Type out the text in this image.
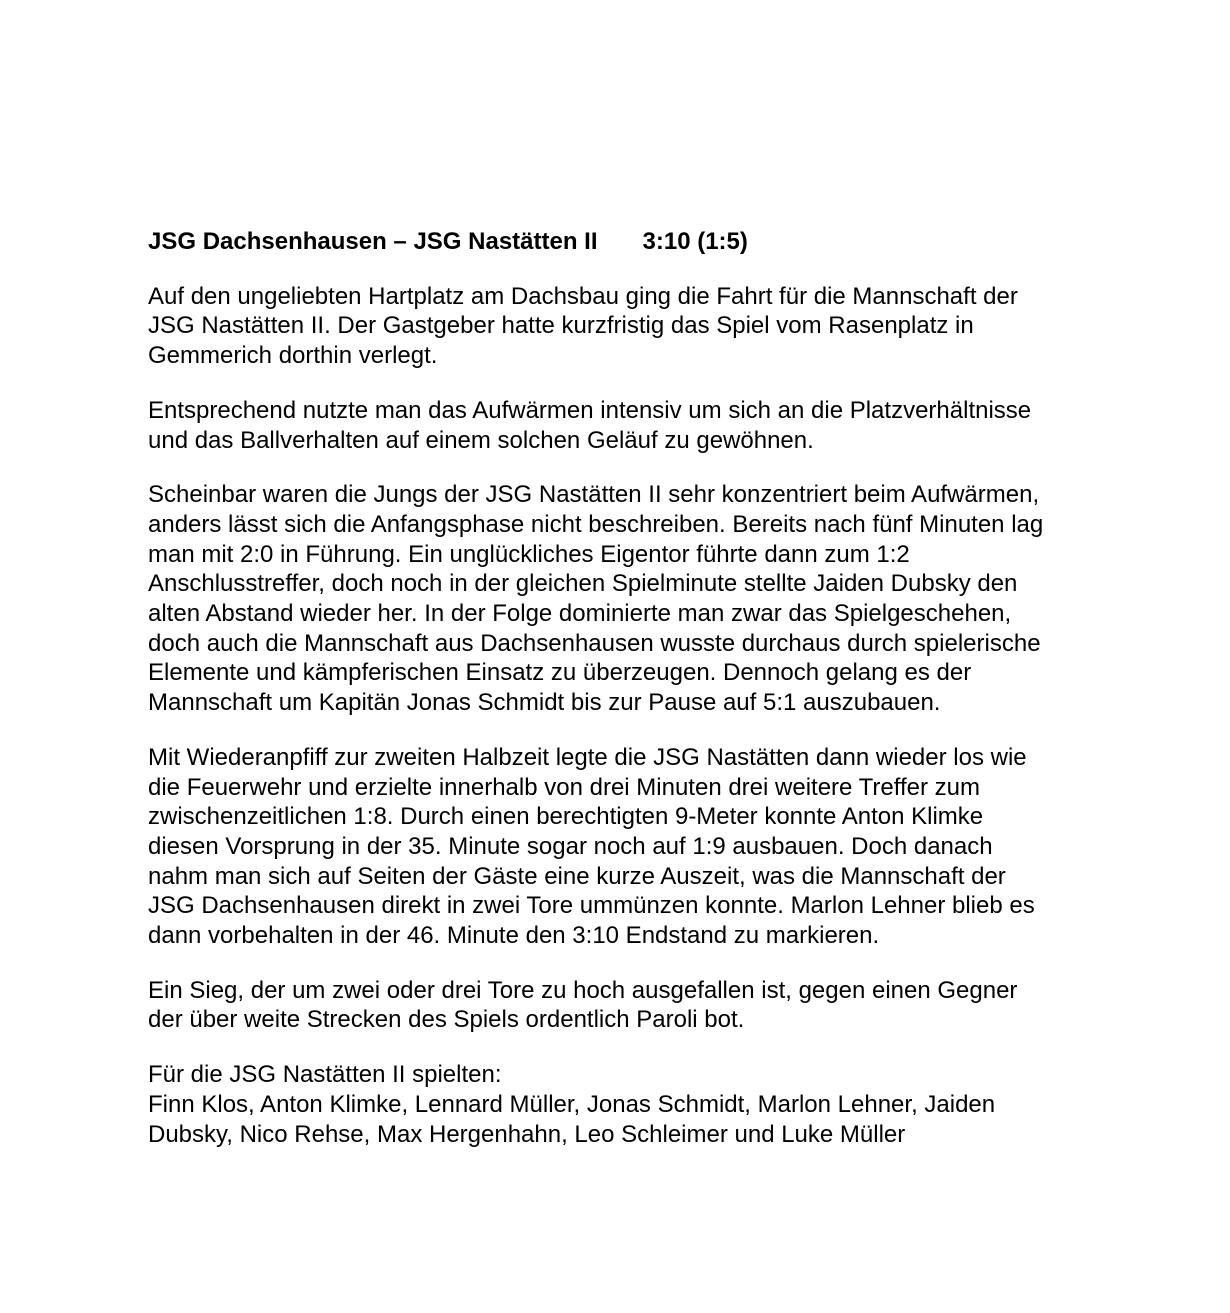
JSG Dachsenhausen – JSG Nastätten II 3:10 (1:5)
Auf den ungeliebten Hartplatz am Dachsbau ging die Fahrt für die Mannschaft der
JSG Nastätten II. Der Gastgeber hatte kurzfristig das Spiel vom Rasenplatz in
Gemmerich dorthin verlegt.
Entsprechend nutzte man das Aufwärmen intensiv um sich an die Platzverhältnisse
und das Ballverhalten auf einem solchen Geläuf zu gewöhnen.
Scheinbar waren die Jungs der JSG Nastätten II sehr konzentriert beim Aufwärmen,
anders lässt sich die Anfangsphase nicht beschreiben. Bereits nach fünf Minuten lag
man mit 2:0 in Führung. Ein unglückliches Eigentor führte dann zum 1:2
Anschlusstreffer, doch noch in der gleichen Spielminute stellte Jaiden Dubsky den
alten Abstand wieder her. In der Folge dominierte man zwar das Spielgeschehen,
doch auch die Mannschaft aus Dachsenhausen wusste durchaus durch spielerische
Elemente und kämpferischen Einsatz zu überzeugen. Dennoch gelang es der
Mannschaft um Kapitän Jonas Schmidt bis zur Pause auf 5:1 auszubauen.
Mit Wiederanpfiff zur zweiten Halbzeit legte die JSG Nastätten dann wieder los wie
die Feuerwehr und erzielte innerhalb von drei Minuten drei weitere Treffer zum
zwischenzeitlichen 1:8. Durch einen berechtigten 9-Meter konnte Anton Klimke
diesen Vorsprung in der 35. Minute sogar noch auf 1:9 ausbauen. Doch danach
nahm man sich auf Seiten der Gäste eine kurze Auszeit, was die Mannschaft der
JSG Dachsenhausen direkt in zwei Tore ummünzen konnte. Marlon Lehner blieb es
dann vorbehalten in der 46. Minute den 3:10 Endstand zu markieren.
Ein Sieg, der um zwei oder drei Tore zu hoch ausgefallen ist, gegen einen Gegner
der über weite Strecken des Spiels ordentlich Paroli bot.
Für die JSG Nastätten II spielten:
Finn Klos, Anton Klimke, Lennard Müller, Jonas Schmidt, Marlon Lehner, Jaiden
Dubsky, Nico Rehse, Max Hergenhahn, Leo Schleimer und Luke Müller
